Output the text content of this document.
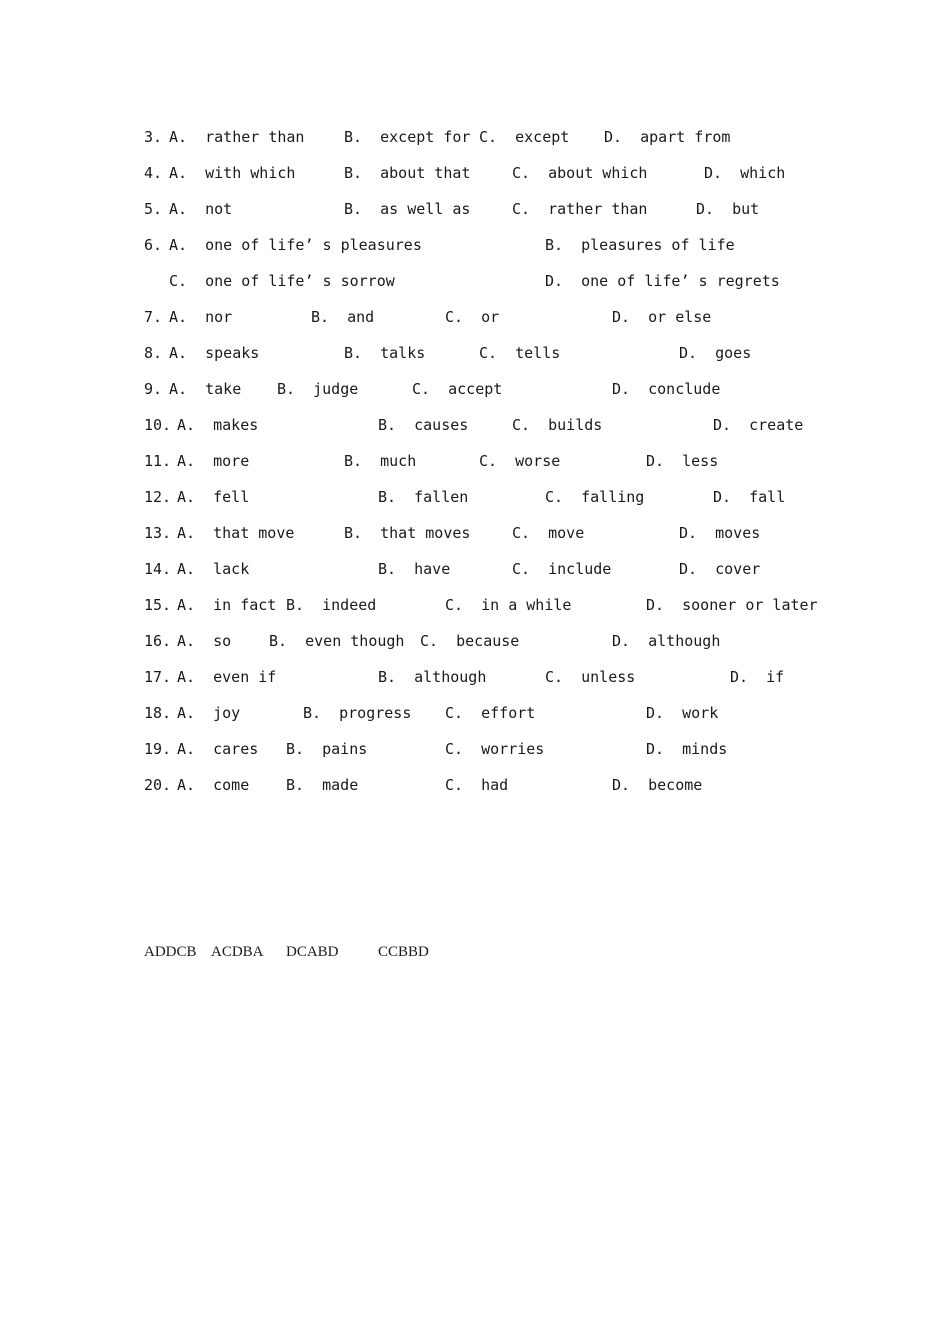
3. A.  rather than	B.  except for C.  except D.  apart from
4. A.  with which	B.  about that	C.  about which	D.  which
5. A.  not	B.  as well as	C.  rather than	D.  but
6. A.  one of life’ s pleasures	B.  pleasures of life
C.  one of life’ s sorrow	D.  one of life’ s regrets
7. A.  nor	B.  and	C.  or	D.  or else
8. A.  speaks	B.  talks	C.  tells	D.  goes
9. A.  take B.  judge	C.  accept	D.  conclude
10. A.  makes	B.  causes	C.  builds	D.  create
11. A.  more	B.  much	C.  worse	D.  less
12. A.  fell	B.  fallen	C.  falling	D.  fall
13. A.  that move	B.  that moves	C.  move	D.  moves
14. A.  lack	B.  have	C.  include	D.  cover
15. A.  in fact B.  indeed	C.  in a while	D.  sooner or later
16. A.  so	B.  even though C.  because	D.  although
17. A.  even if	B.  although	C.  unless	D.  if
18. A.  joy	B.  progress C.  effort	D.  work
19. A.  cares B.  pains	C.  worries	D.  minds
20. A.  come B.  made	C.  had	D.  become
ADDCB ACDBA DCABD	CCBBD
